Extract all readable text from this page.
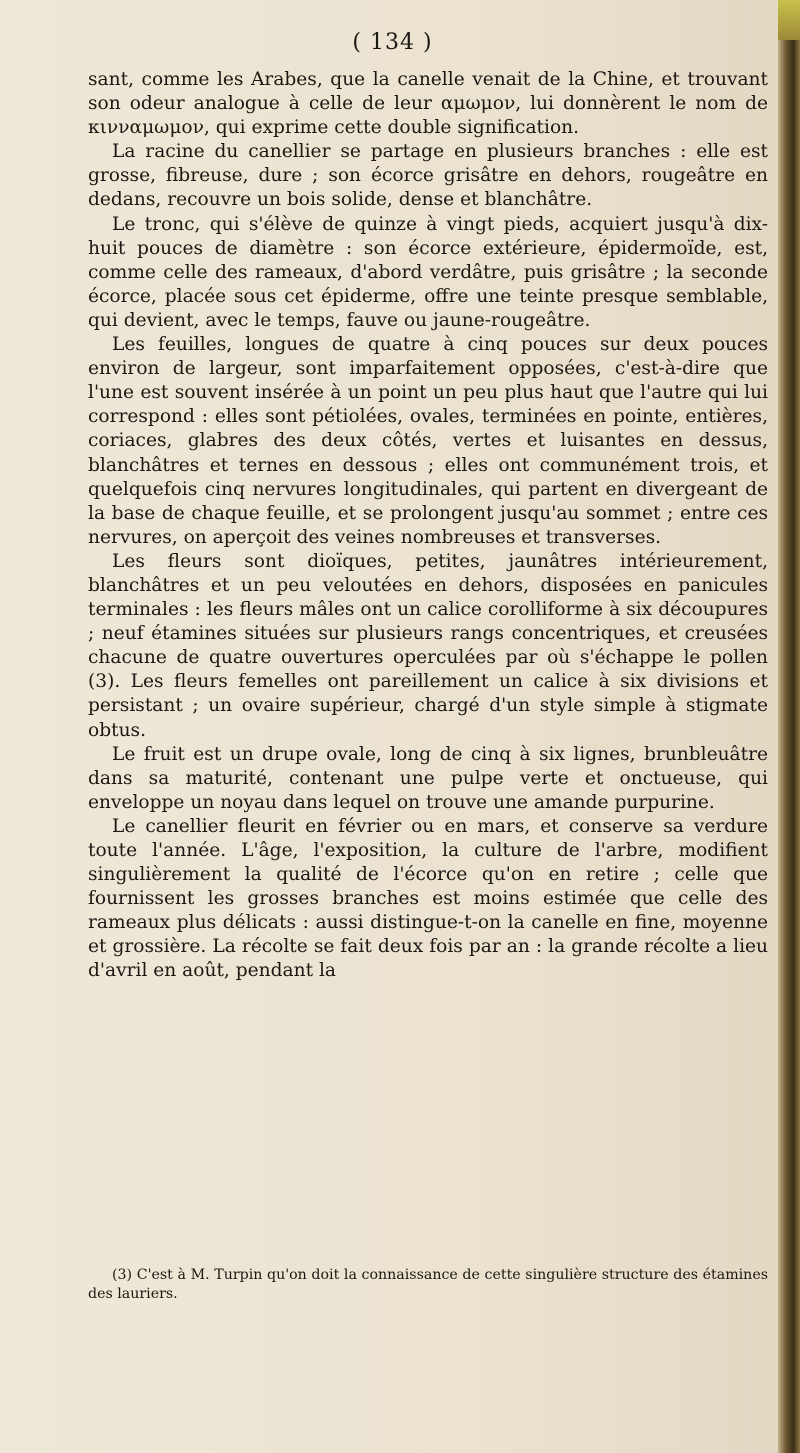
( 134 )

sant, comme les Arabes, que la canelle venait de la Chine, et trouvant son odeur analogue à celle de leur αμωμον, lui donnèrent le nom de κινναμωμον, qui exprime cette double signification.

La racine du canellier se partage en plusieurs branches : elle est grosse, fibreuse, dure ; son écorce grisâtre en dehors, rougeâtre en dedans, recouvre un bois solide, dense et blanchâtre.

Le tronc, qui s'élève de quinze à vingt pieds, acquiert jusqu'à dix-huit pouces de diamètre : son écorce extérieure, épidermoïde, est, comme celle des rameaux, d'abord verdâtre, puis grisâtre ; la seconde écorce, placée sous cet épiderme, offre une teinte presque semblable, qui devient, avec le temps, fauve ou jaune-rougeâtre.

Les feuilles, longues de quatre à cinq pouces sur deux pouces environ de largeur, sont imparfaitement opposées, c'est-à-dire que l'une est souvent insérée à un point un peu plus haut que l'autre qui lui correspond : elles sont pétiolées, ovales, terminées en pointe, entières, coriaces, glabres des deux côtés, vertes et luisantes en dessus, blanchâtres et ternes en dessous ; elles ont communément trois, et quelquefois cinq nervures longitudinales, qui partent en divergeant de la base de chaque feuille, et se prolongent jusqu'au sommet ; entre ces nervures, on aperçoit des veines nombreuses et transverses.

Les fleurs sont dioïques, petites, jaunâtres intérieurement, blanchâtres et un peu veloutées en dehors, disposées en panicules terminales : les fleurs mâles ont un calice corolliforme à six découpures ; neuf étamines situées sur plusieurs rangs concentriques, et creusées chacune de quatre ouvertures operculées par où s'échappe le pollen (3). Les fleurs femelles ont pareillement un calice à six divisions et persistant ; un ovaire supérieur, chargé d'un style simple à stigmate obtus.

Le fruit est un drupe ovale, long de cinq à six lignes, brunbleuâtre dans sa maturité, contenant une pulpe verte et onctueuse, qui enveloppe un noyau dans lequel on trouve une amande purpurine.

Le canellier fleurit en février ou en mars, et conserve sa verdure toute l'année. L'âge, l'exposition, la culture de l'arbre, modifient singulièrement la qualité de l'écorce qu'on en retire ; celle que fournissent les grosses branches est moins estimée que celle des rameaux plus délicats : aussi distingue-t-on la canelle en fine, moyenne et grossière. La récolte se fait deux fois par an : la grande récolte a lieu d'avril en août, pendant la

(3) C'est à M. Turpin qu'on doit la connaissance de cette singulière structure des étamines des lauriers.
